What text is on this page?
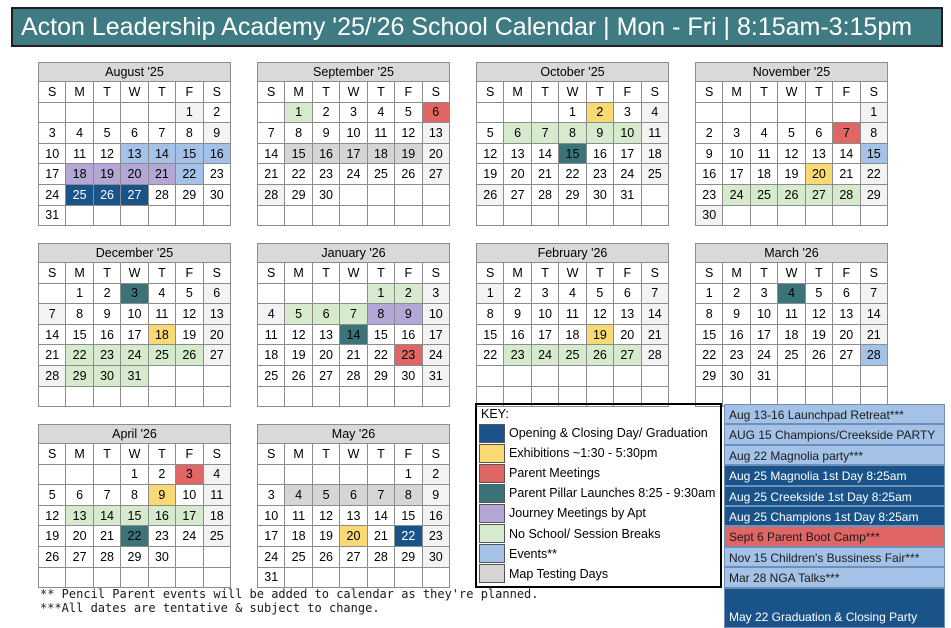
Acton Leadership Academy '25/'26 School Calendar | Mon - Fri | 8:15am-3:15pm
August '25						
S	M	T	W	T	F	S
					1	2
3	4	5	6	7	8	9
10	11	12	13	14	15	16
17	18	19	20	21	22	23
24	25	26	27	28	29	30
31						
September '25						
S	M	T	W	T	F	S
	1	2	3	4	5	6
7	8	9	10	11	12	13
14	15	16	17	18	19	20
21	22	23	24	25	26	27
28	29	30				

October '25						
S	M	T	W	T	F	S
			1	2	3	4
5	6	7	8	9	10	11
12	13	14	15	16	17	18
19	20	21	22	23	24	25
26	27	28	29	30	31	

November '25						
S	M	T	W	T	F	S
						1
2	3	4	5	6	7	8
9	10	11	12	13	14	15
16	17	18	19	20	21	22
23	24	25	26	27	28	29
30						
December '25						
S	M	T	W	T	F	S
	1	2	3	4	5	6
7	8	9	10	11	12	13
14	15	16	17	18	19	20
21	22	23	24	25	26	27
28	29	30	31			

January '26						
S	M	T	W	T	F	S
				1	2	3
4	5	6	7	8	9	10
11	12	13	14	15	16	17
18	19	20	21	22	23	24
25	26	27	28	29	30	31

February '26						
S	M	T	W	T	F	S
1	2	3	4	5	6	7
8	9	10	11	12	13	14
15	16	17	18	19	20	21
22	23	24	25	26	27	28

March '26						
S	M	T	W	T	F	S
1	2	3	4	5	6	7
8	9	10	11	12	13	14
15	16	17	18	19	20	21
22	23	24	25	26	27	28
29	30	31				

April '26						
S	M	T	W	T	F	S
			1	2	3	4
5	6	7	8	9	10	11
12	13	14	15	16	17	18
19	20	21	22	23	24	25
26	27	28	29	30		

May '26						
S	M	T	W	T	F	S
					1	2
3	4	5	6	7	8	9
10	11	12	13	14	15	16
17	18	19	20	21	22	23
24	25	26	27	28	29	30
31						
KEY:
Opening & Closing Day/ Graduation
Exhibitions ~1:30 - 5:30pm
Parent Meetings
Parent Pillar Launches 8:25 - 9:30am
Journey Meetings by Apt
No School/ Session Breaks
Events**
Map Testing Days
Aug 13-16 Launchpad Retreat***
AUG 15 Champions/Creekside PARTY
Aug 22 Magnolia party***
Aug 25 Magnolia 1st Day 8:25am
Aug 25 Creekside 1st Day 8:25am
Aug 25 Champions 1st Day 8:25am
Sept 6 Parent Boot Camp***
Nov 15 Children's Bussiness Fair***
Mar 28 NGA Talks***
May 22 Graduation & Closing Party
** Pencil Parent events will be added to calendar as they're planned.
***All dates are tentative & subject to change.
